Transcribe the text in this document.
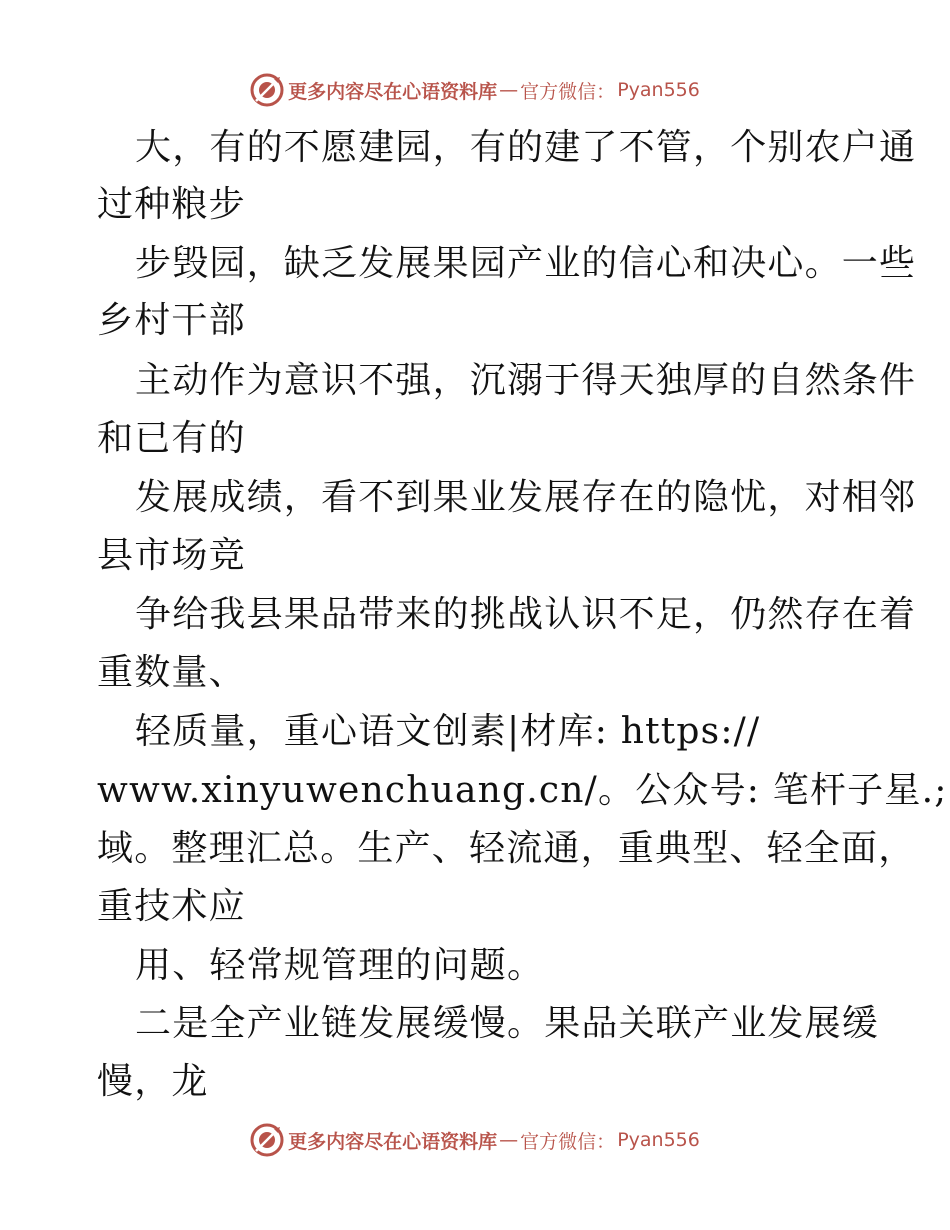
更多内容尽在心语资料库 — 官方微信： Pyan556
大，有的不愿建园，有的建了不管，个别农户通
过种粮步
步毁园，缺乏发展果园产业的信心和决心。一些
乡村干部
主动作为意识不强，沉溺于得天独厚的自然条件
和已有的
发展成绩，看不到果业发展存在的隐忧，对相邻
县市场竞
争给我县果品带来的挑战认识不足，仍然存在着
重数量、
轻质量，重心语文创素|材库: https://
www.xinyuwenchuang.cn/。公众号: 笔杆子星.;
域。整理汇总。生产、轻流通，重典型、轻全面，
重技术应
用、轻常规管理的问题。
二是全产业链发展缓慢。果品关联产业发展缓
慢，龙
更多内容尽在心语资料库 — 官方微信： Pyan556
